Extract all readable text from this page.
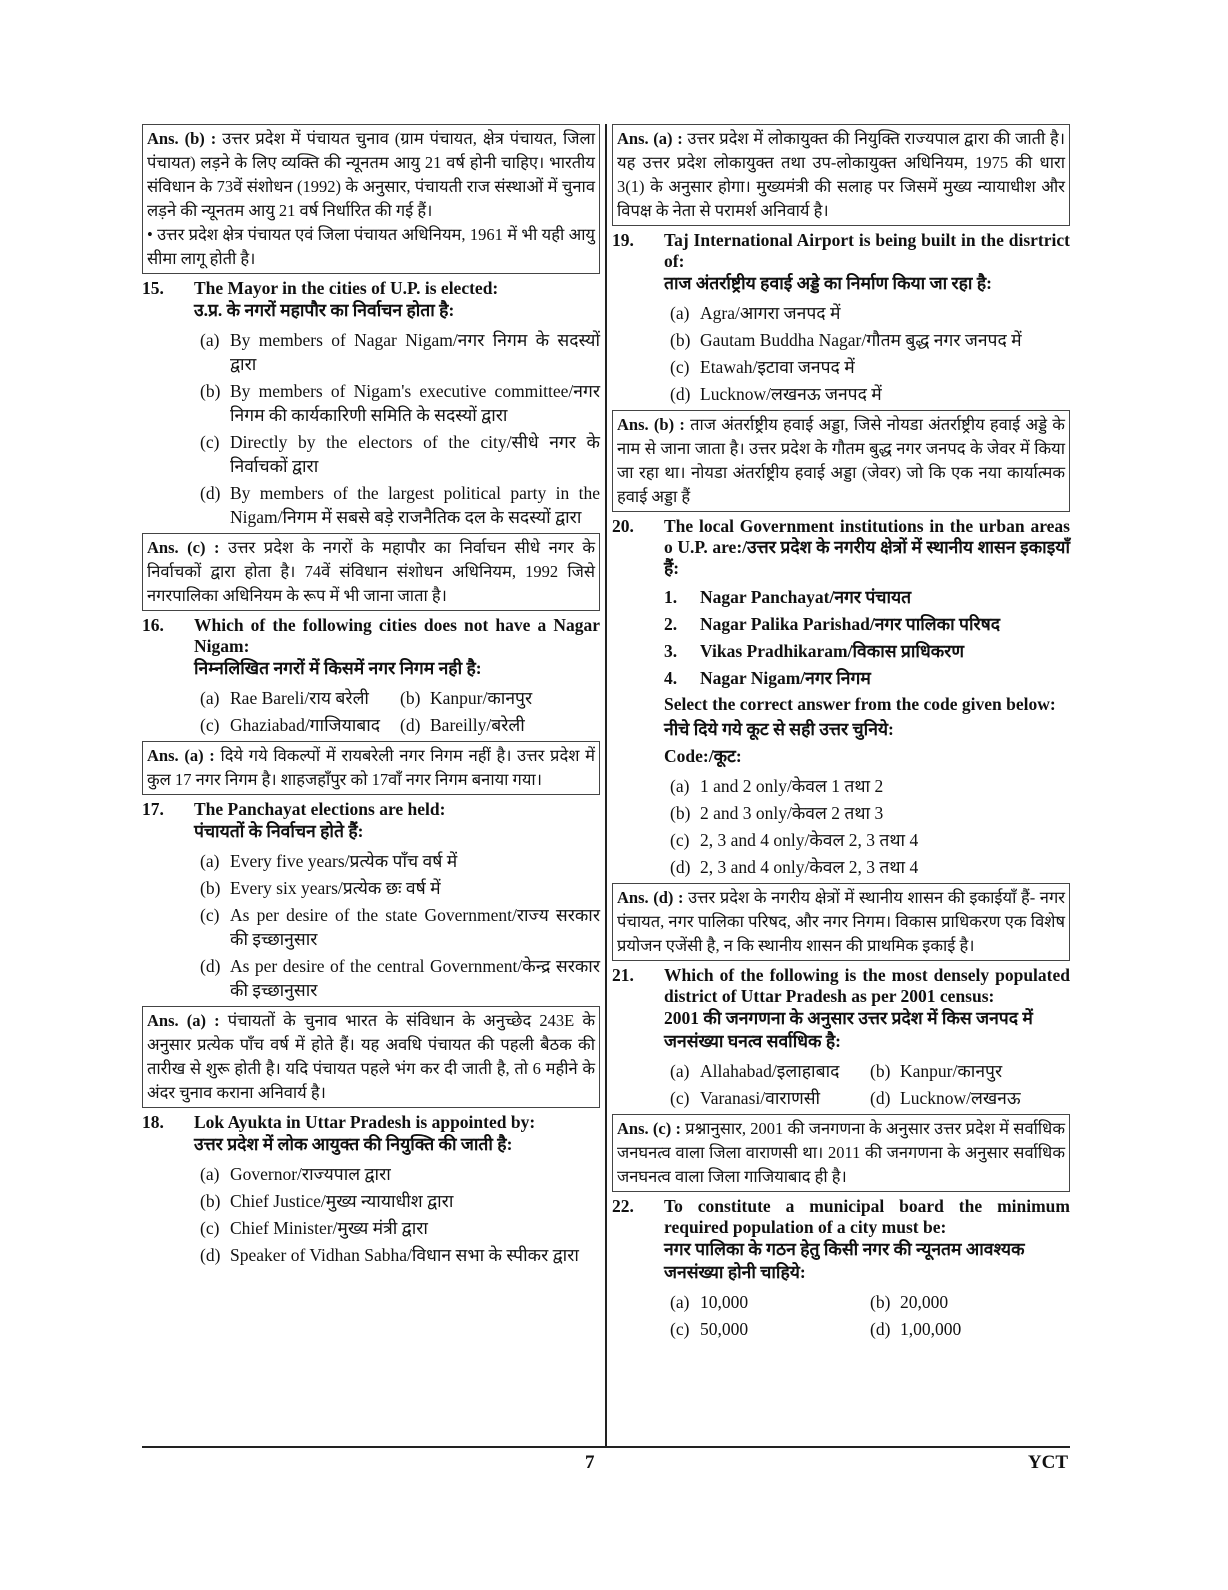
Ans. (b) : उत्तर प्रदेश में पंचायत चुनाव (ग्राम पंचायत, क्षेत्र पंचायत, जिला पंचायत) लड़ने के लिए व्यक्ति की न्यूनतम आयु 21 वर्ष होनी चाहिए। भारतीय संविधान के 73वें संशोधन (1992) के अनुसार, पंचायती राज संस्थाओं में चुनाव लड़ने की न्यूनतम आयु 21 वर्ष निर्धारित की गई हैं।

• उत्तर प्रदेश क्षेत्र पंचायत एवं जिला पंचायत अधिनियम, 1961 में भी यही आयु सीमा लागू होती है।

15.	The Mayor in the cities of U.P. is elected:
उ.प्र. के नगरों महापौर का निर्वाचन होता है:
(a) By members of Nagar Nigam/नगर निगम के सदस्यों द्वारा
(b) By members of Nigam's executive committee/नगर निगम की कार्यकारिणी समिति के सदस्यों द्वारा
(c) Directly by the electors of the city/सीधे नगर के निर्वाचकों द्वारा
(d) By members of the largest political party in the Nigam/निगम में सबसे बड़े राजनैतिक दल के सदस्यों द्वारा

Ans. (c) : उत्तर प्रदेश के नगरों के महापौर का निर्वाचन सीधे नगर के निर्वाचकों द्वारा होता है। 74वें संविधान संशोधन अधिनियम, 1992 जिसे नगरपालिका अधिनियम के रूप में भी जाना जाता है।

16.	Which of the following cities does not have a Nagar Nigam:
निम्नलिखित नगरों में किसमें नगर निगम नही है:
(a) Rae Bareli/राय बरेली (b) Kanpur/कानपुर
(c) Ghaziabad/गाजियाबाद (d) Bareilly/बरेली

Ans. (a) : दिये गये विकल्पों में रायबरेली नगर निगम नहीं है। उत्तर प्रदेश में कुल 17 नगर निगम है। शाहजहाँपुर को 17वाँ नगर निगम बनाया गया।

17.	The Panchayat elections are held:
पंचायतों के निर्वाचन होते हैं:
(a) Every five years/प्रत्येक पाँच वर्ष में
(b) Every six years/प्रत्येक छः वर्ष में
(c) As per desire of the state Government/राज्य सरकार की इच्छानुसार
(d) As per desire of the central Government/केन्द्र सरकार की इच्छानुसार

Ans. (a) : पंचायतों के चुनाव भारत के संविधान के अनुच्छेद 243E के अनुसार प्रत्येक पाँच वर्ष में होते हैं। यह अवधि पंचायत की पहली बैठक की तारीख से शुरू होती है। यदि पंचायत पहले भंग कर दी जाती है, तो 6 महीने के अंदर चुनाव कराना अनिवार्य है।

18.	Lok Ayukta in Uttar Pradesh is appointed by:
उत्तर प्रदेश में लोक आयुक्त की नियुक्ति की जाती है:
(a) Governor/राज्यपाल द्वारा
(b) Chief Justice/मुख्य न्यायाधीश द्वारा
(c) Chief Minister/मुख्य मंत्री द्वारा
(d) Speaker of Vidhan Sabha/विधान सभा के स्पीकर द्वारा

Ans. (a) : उत्तर प्रदेश में लोकायुक्त की नियुक्ति राज्यपाल द्वारा की जाती है। यह उत्तर प्रदेश लोकायुक्त तथा उप-लोकायुक्त अधिनियम, 1975 की धारा 3(1) के अनुसार होगा। मुख्यमंत्री की सलाह पर जिसमें मुख्य न्यायाधीश और विपक्ष के नेता से परामर्श अनिवार्य है।

19.	Taj International Airport is being built in the disrtrict of:
ताज अंतर्राष्ट्रीय हवाई अड्डे का निर्माण किया जा रहा है:
(a) Agra/आगरा जनपद में
(b) Gautam Buddha Nagar/गौतम बुद्ध नगर जनपद में
(c) Etawah/इटावा जनपद में
(d) Lucknow/लखनऊ जनपद में

Ans. (b) : ताज अंतर्राष्ट्रीय हवाई अड्डा, जिसे नोयडा अंतर्राष्ट्रीय हवाई अड्डे के नाम से जाना जाता है। उत्तर प्रदेश के गौतम बुद्ध नगर जनपद के जेवर में किया जा रहा था। नोयडा अंतर्राष्ट्रीय हवाई अड्डा (जेवर) जो कि एक नया कार्यात्मक हवाई अड्डा हैं

20.	The local Government institutions in the urban areas o U.P. are:/उत्तर प्रदेश के नगरीय क्षेत्रों में स्थानीय शासन इकाइयाँ हैं:
1.	Nagar Panchayat/नगर पंचायत
2.	Nagar Palika Parishad/नगर पालिका परिषद
3.	Vikas Pradhikaram/विकास प्राधिकरण
4.	Nagar Nigam/नगर निगम
Select the correct answer from the code given below:
नीचे दिये गये कूट से सही उत्तर चुनिये:
Code:/कूट:
(a) 1 and 2 only/केवल 1 तथा 2
(b) 2 and 3 only/केवल 2 तथा 3
(c) 2, 3 and 4 only/केवल 2, 3 तथा 4
(d) 2, 3 and 4 only/केवल 2, 3 तथा 4

Ans. (d) : उत्तर प्रदेश के नगरीय क्षेत्रों में स्थानीय शासन की इकाईयाँ हैं- नगर पंचायत, नगर पालिका परिषद, और नगर निगम। विकास प्राधिकरण एक विशेष प्रयोजन एजेंसी है, न कि स्थानीय शासन की प्राथमिक इकाई है।

21.	Which of the following is the most densely populated district of Uttar Pradesh as per 2001 census:
2001 की जनगणना के अनुसार उत्तर प्रदेश में किस जनपद में जनसंख्या घनत्व सर्वाधिक है:
(a) Allahabad/इलाहाबाद (b) Kanpur/कानपुर
(c) Varanasi/वाराणसी	(d) Lucknow/लखनऊ

Ans. (c) : प्रश्नानुसार, 2001 की जनगणना के अनुसार उत्तर प्रदेश में सर्वाधिक जनघनत्व वाला जिला वाराणसी था। 2011 की जनगणना के अनुसार सर्वाधिक जनघनत्व वाला जिला गाजियाबाद ही है।

22.	To constitute a municipal board the minimum required population of a city must be:
नगर पालिका के गठन हेतु किसी नगर की न्यूनतम आवश्यक जनसंख्या होनी चाहिये:
(a) 10,000	(b) 20,000
(c) 50,000	(d) 1,00,000
7	YCT
